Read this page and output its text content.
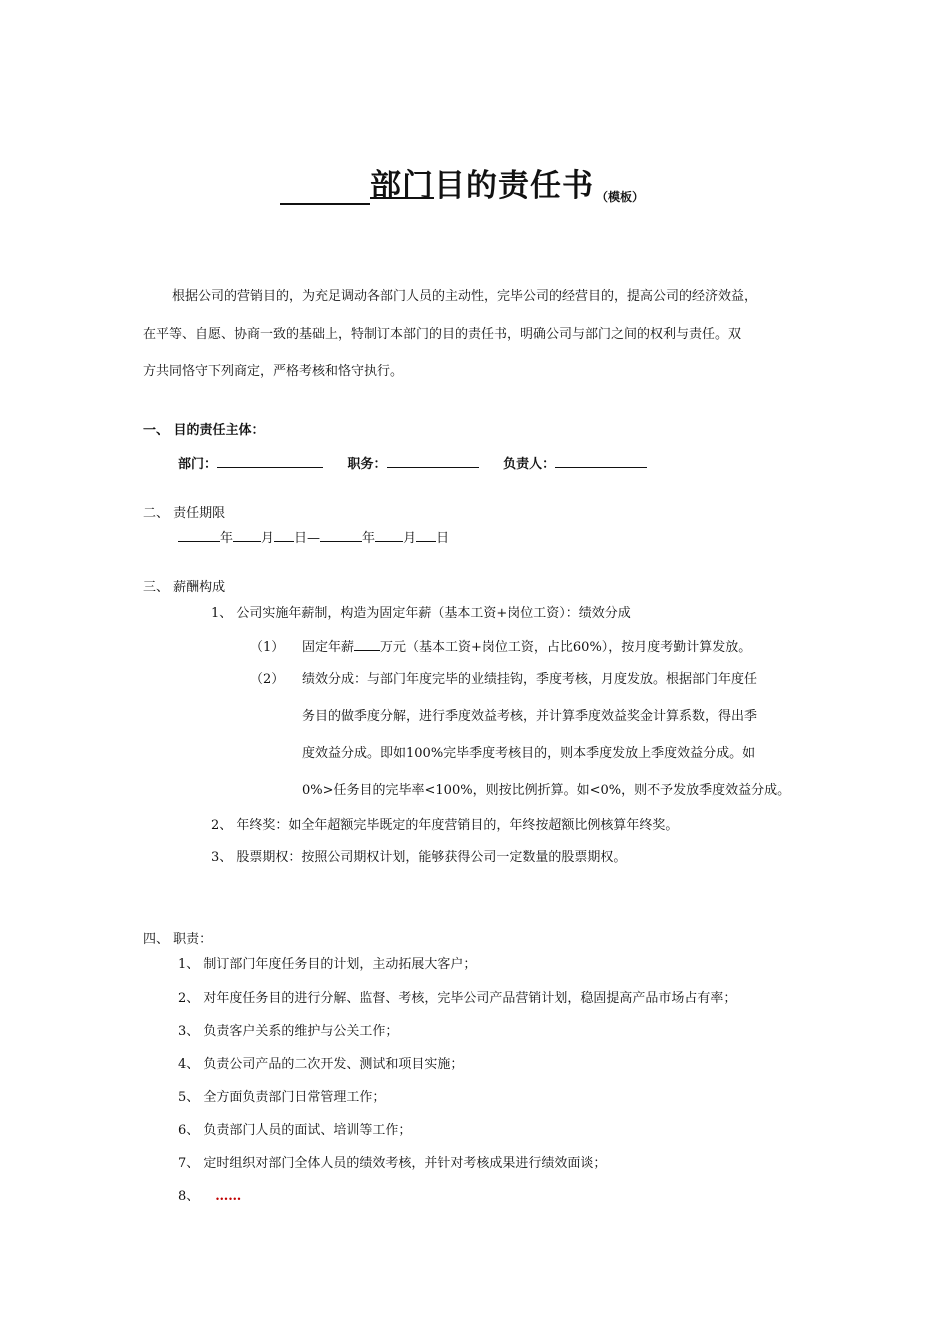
部门目的责任书 （模板）
根据公司的营销目的，为充足调动各部门人员的主动性，完毕公司的经营目的，提高公司的经济效益，
在平等、自愿、协商一致的基础上，特制订本部门的目的责任书，明确公司与部门之间的权利与责任。双
方共同恪守下列商定，严格考核和恪守执行。
一、 目的责任主体：
部门：	职务：	负责人：
二、 责任期限
年 月 日—	年 月 日
三、 薪酬构成
1、 公司实施年薪制，构造为固定年薪（基本工资+岗位工资）：绩效分成
（1） 固定年薪 万元（基本工资+岗位工资，占比60%），按月度考勤计算发放。
（2） 绩效分成：与部门年度完毕的业绩挂钩，季度考核，月度发放。根据部门年度任
务目的做季度分解，进行季度效益考核，并计算季度效益奖金计算系数，得出季
度效益分成。即如100%完毕季度考核目的，则本季度发放上季度效益分成。如
0%>任务目的完毕率<100%，则按比例折算。如<0%，则不予发放季度效益分成。
2、 年终奖：如全年超额完毕既定的年度营销目的，年终按超额比例核算年终奖。
3、 股票期权：按照公司期权计划，能够获得公司一定数量的股票期权。
四、 职责：
1、 制订部门年度任务目的计划，主动拓展大客户；
2、 对年度任务目的进行分解、监督、考核，完毕公司产品营销计划，稳固提高产品市场占有率；
3、 负责客户关系的维护与公关工作；
4、 负责公司产品的二次开发、测试和项目实施；
5、 全方面负责部门日常管理工作；
6、 负责部门人员的面试、培训等工作；
7、 定时组织对部门全体人员的绩效考核，并针对考核成果进行绩效面谈；
8、 ……
